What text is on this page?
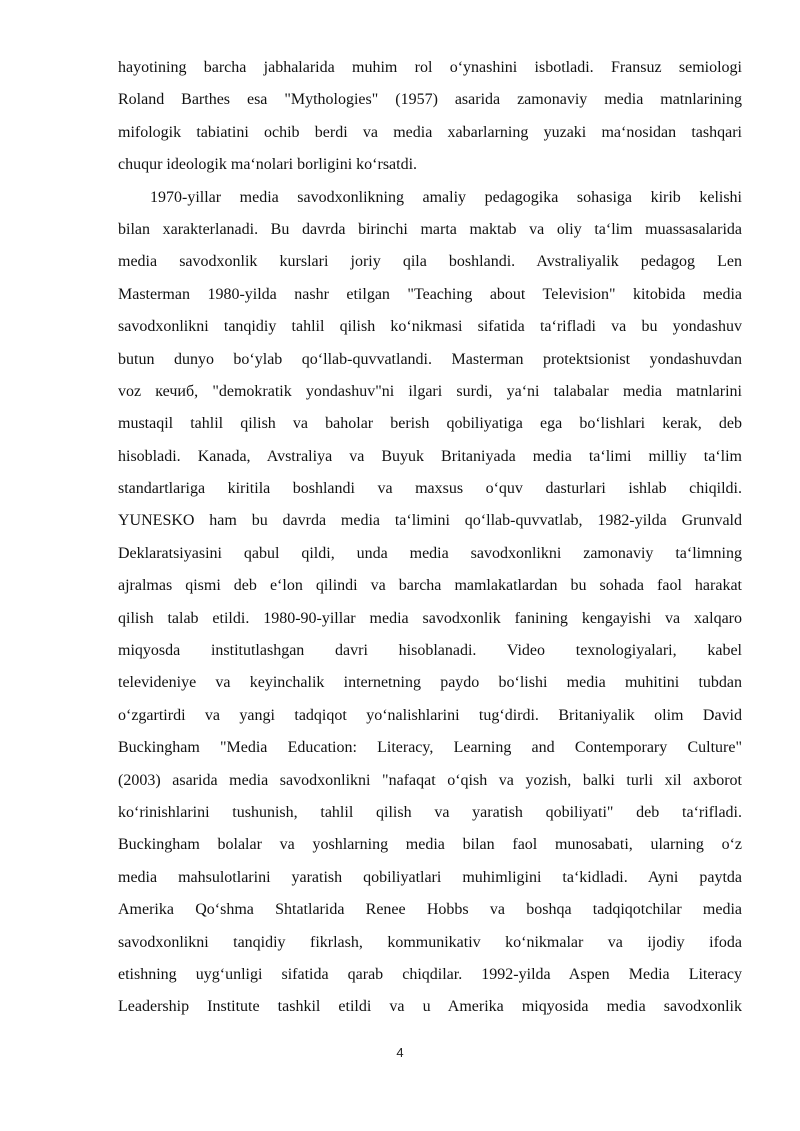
hayotining barcha jabhalarida muhim rol o‘ynashini isbotladi. Fransuz semiologi
Roland Barthes esa "Mythologies" (1957) asarida zamonaviy media matnlarining
mifologik tabiatini ochib berdi va media xabarlarning yuzaki ma‘nosidan tashqari
chuqur ideologik ma‘nolari borligini ko‘rsatdi.
1970-yillar media savodxonlikning amaliy pedagogika sohasiga kirib kelishi
bilan xarakterlanadi. Bu davrda birinchi marta maktab va oliy ta‘lim muassasalarida
media savodxonlik kurslari joriy qila boshlandi. Avstraliyalik pedagog Len
Masterman 1980-yilda nashr etilgan "Teaching about Television" kitobida media
savodxonlikni tanqidiy tahlil qilish ko‘nikmasi sifatida ta‘rifladi va bu yondashuv
butun dunyo bo‘ylab qo‘llab-quvvatlandi. Masterman protektsionist yondashuvdan
voz кечиб, "demokratik yondashuv"ni ilgari surdi, ya‘ni talabalar media matnlarini
mustaqil tahlil qilish va baholar berish qobiliyatiga ega bo‘lishlari kerak, deb
hisobladi. Kanada, Avstraliya va Buyuk Britaniyada media ta‘limi milliy ta‘lim
standartlariga kiritila boshlandi va maxsus o‘quv dasturlari ishlab chiqildi.
YUNESKO ham bu davrda media ta‘limini qo‘llab-quvvatlab, 1982-yilda Grunvald
Deklaratsiyasini qabul qildi, unda media savodxonlikni zamonaviy ta‘limning
ajralmas qismi deb e‘lon qilindi va barcha mamlakatlardan bu sohada faol harakat
qilish talab etildi. 1980-90-yillar media savodxonlik fanining kengayishi va xalqaro
miqyosda institutlashgan davri hisoblanadi. Video texnologiyalari, kabel
televideniye va keyinchalik internetning paydo bo‘lishi media muhitini tubdan
o‘zgartirdi va yangi tadqiqot yo‘nalishlarini tug‘dirdi. Britaniyalik olim David
Buckingham "Media Education: Literacy, Learning and Contemporary Culture"
(2003) asarida media savodxonlikni "nafaqat o‘qish va yozish, balki turli xil axborot
ko‘rinishlarini tushunish, tahlil qilish va yaratish qobiliyati" deb ta‘rifladi.
Buckingham bolalar va yoshlarning media bilan faol munosabati, ularning o‘z
media mahsulotlarini yaratish qobiliyatlari muhimligini ta‘kidladi. Ayni paytda
Amerika Qo‘shma Shtatlarida Renee Hobbs va boshqa tadqiqotchilar media
savodxonlikni tanqidiy fikrlash, kommunikativ ko‘nikmalar va ijodiy ifoda
etishning uyg‘unligi sifatida qarab chiqdilar. 1992-yilda Aspen Media Literacy
Leadership Institute tashkil etildi va u Amerika miqyosida media savodxonlik
4
